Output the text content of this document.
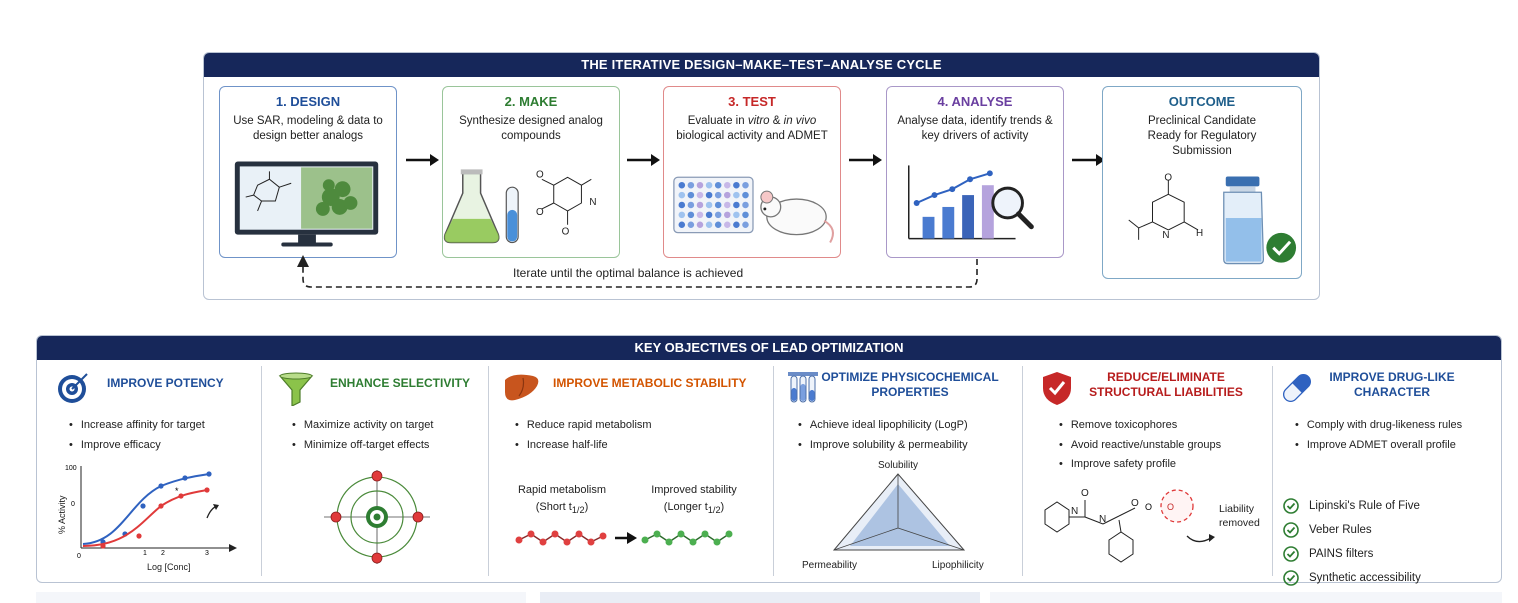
THE ITERATIVE DESIGN–MAKE–TEST–ANALYSE CYCLE
1. DESIGN
Use SAR, modeling & data to design better analogs
2. MAKE
Synthesize designed analog compounds
O
O
N
O
3. TEST
Evaluate in vitro & in vivo biological activity and ADMET
4. ANALYSE
Analyse data, identify trends & key drivers of activity
OUTCOME
Preclinical Candidate Ready for Regulatory Submission
O
N	H
Iterate until the optimal balance is achieved
KEY OBJECTIVES OF LEAD OPTIMIZATION
IMPROVE POTENCY
• Increase affinity for target
• Improve efficacy
100
0
0	1 2	3
% Activity
Log [Conc]
*
ENHANCE SELECTIVITY
• Maximize activity on target
• Minimize off-target effects
IMPROVE METABOLIC STABILITY
• Reduce rapid metabolism
• Increase half-life
Rapid metabolism
(Short $t_{1/2}$)
Improved stability
(Longer $t_{1/2}$)
OPTIMIZE PHYSICOCHEMICAL PROPERTIES
• Achieve ideal lipophilicity (LogP)
• Improve solubility & permeability
Solubility
Permeability	Lipophilicity
REDUCE/ELIMINATE STRUCTURAL LIABILITIES
• Remove toxicophores
• Avoid reactive/unstable groups
• Improve safety profile
O
N
N
O	O
O	Liability
removed
IMPROVE DRUG-LIKE CHARACTER
• Comply with drug-likeness rules
• Improve ADMET overall profile
Lipinski's Rule of Five
Veber Rules
PAINS filters
Synthetic accessibility
